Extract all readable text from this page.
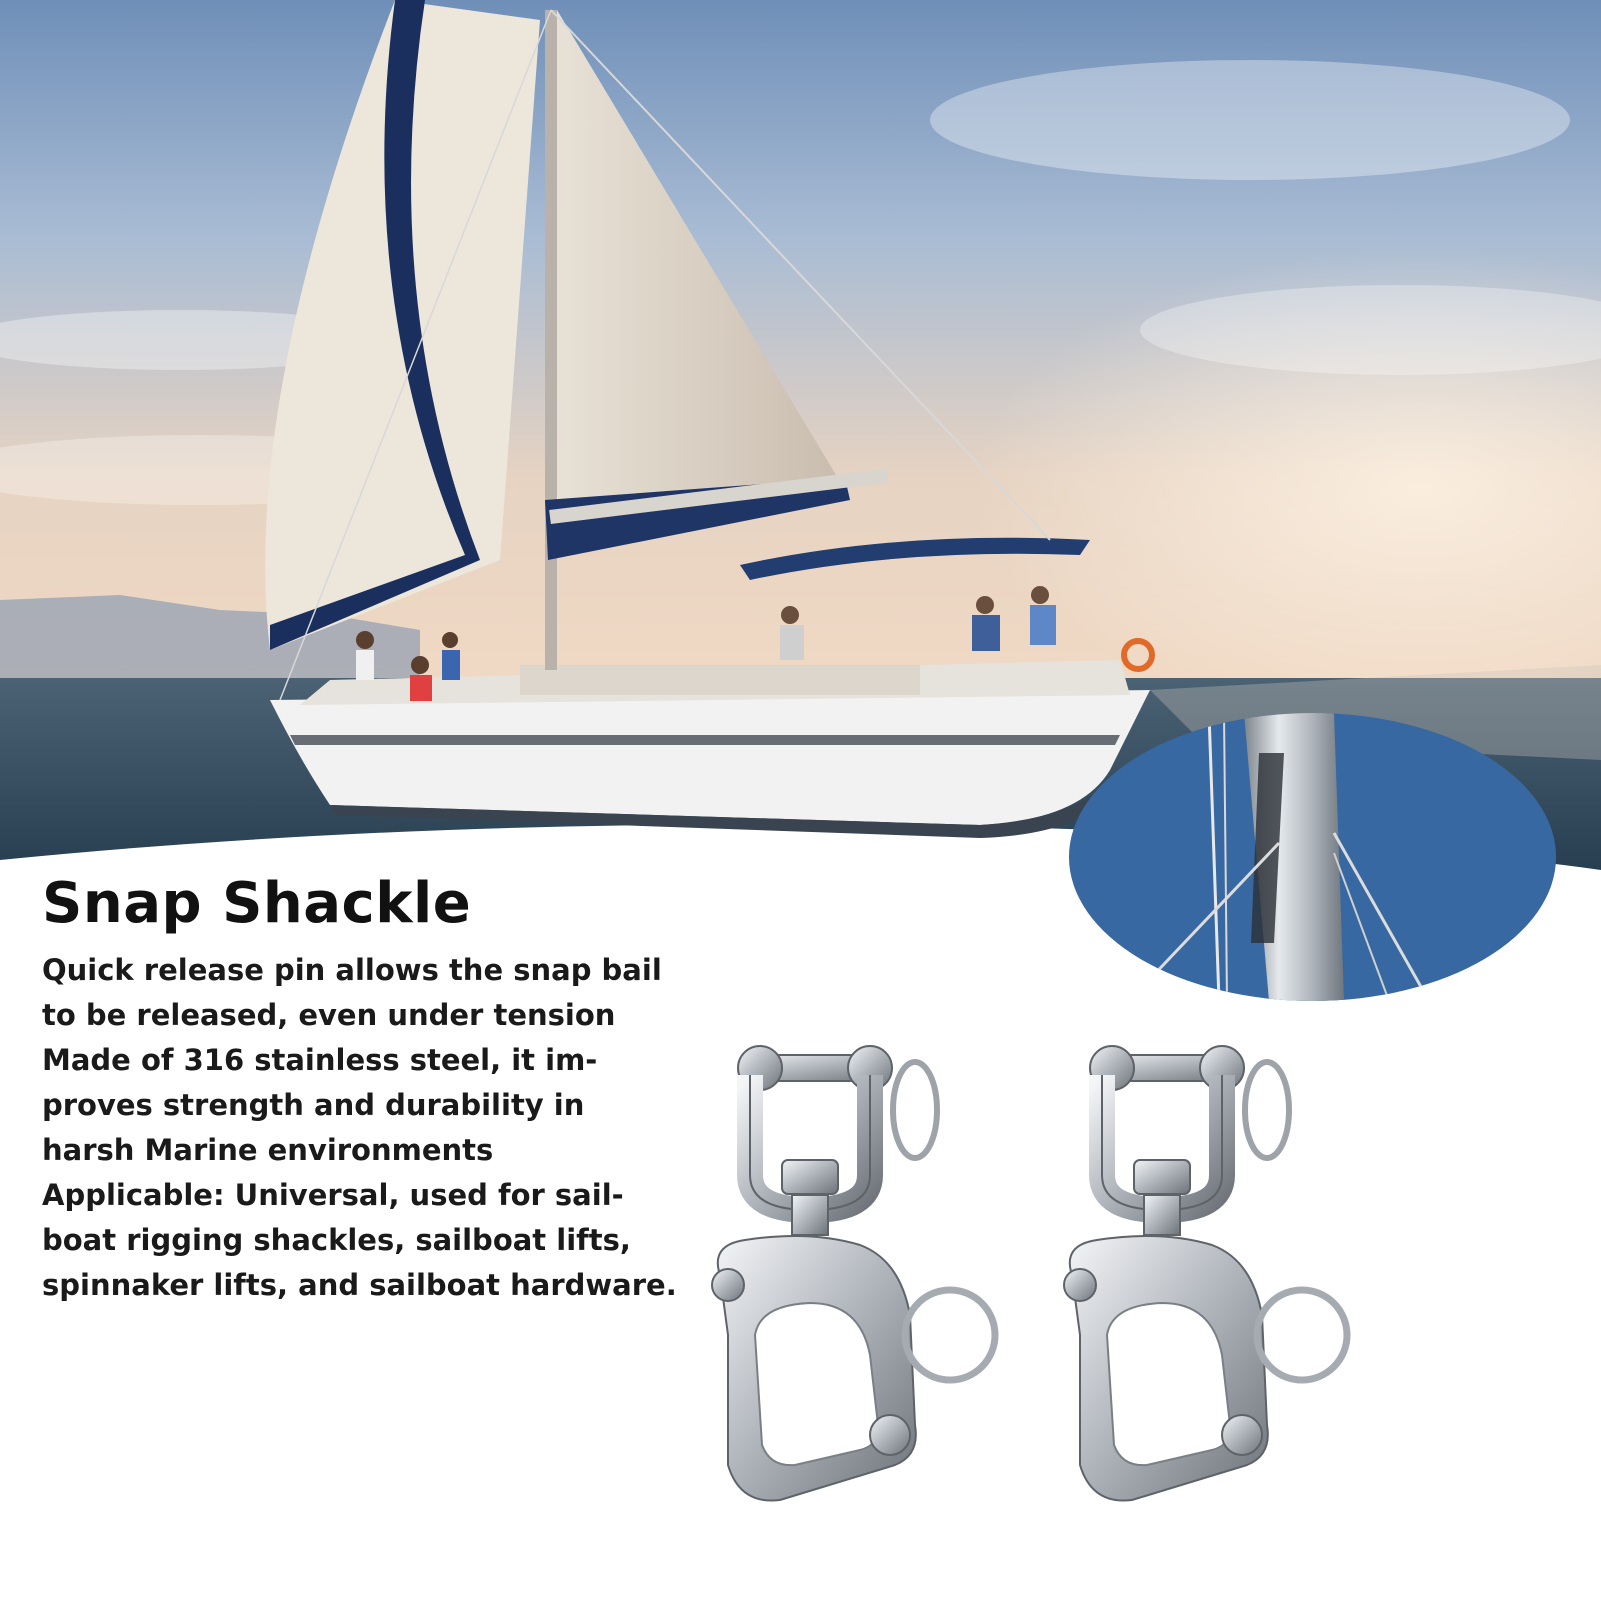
Snap Shackle
Quick release pin allows the snap bail
to be released, even under tension
Made of 316 stainless steel, it im-
proves strength and durability in
harsh Marine environments
Applicable: Universal, used for sail-
boat rigging shackles, sailboat lifts,
spinnaker lifts, and sailboat hardware.
